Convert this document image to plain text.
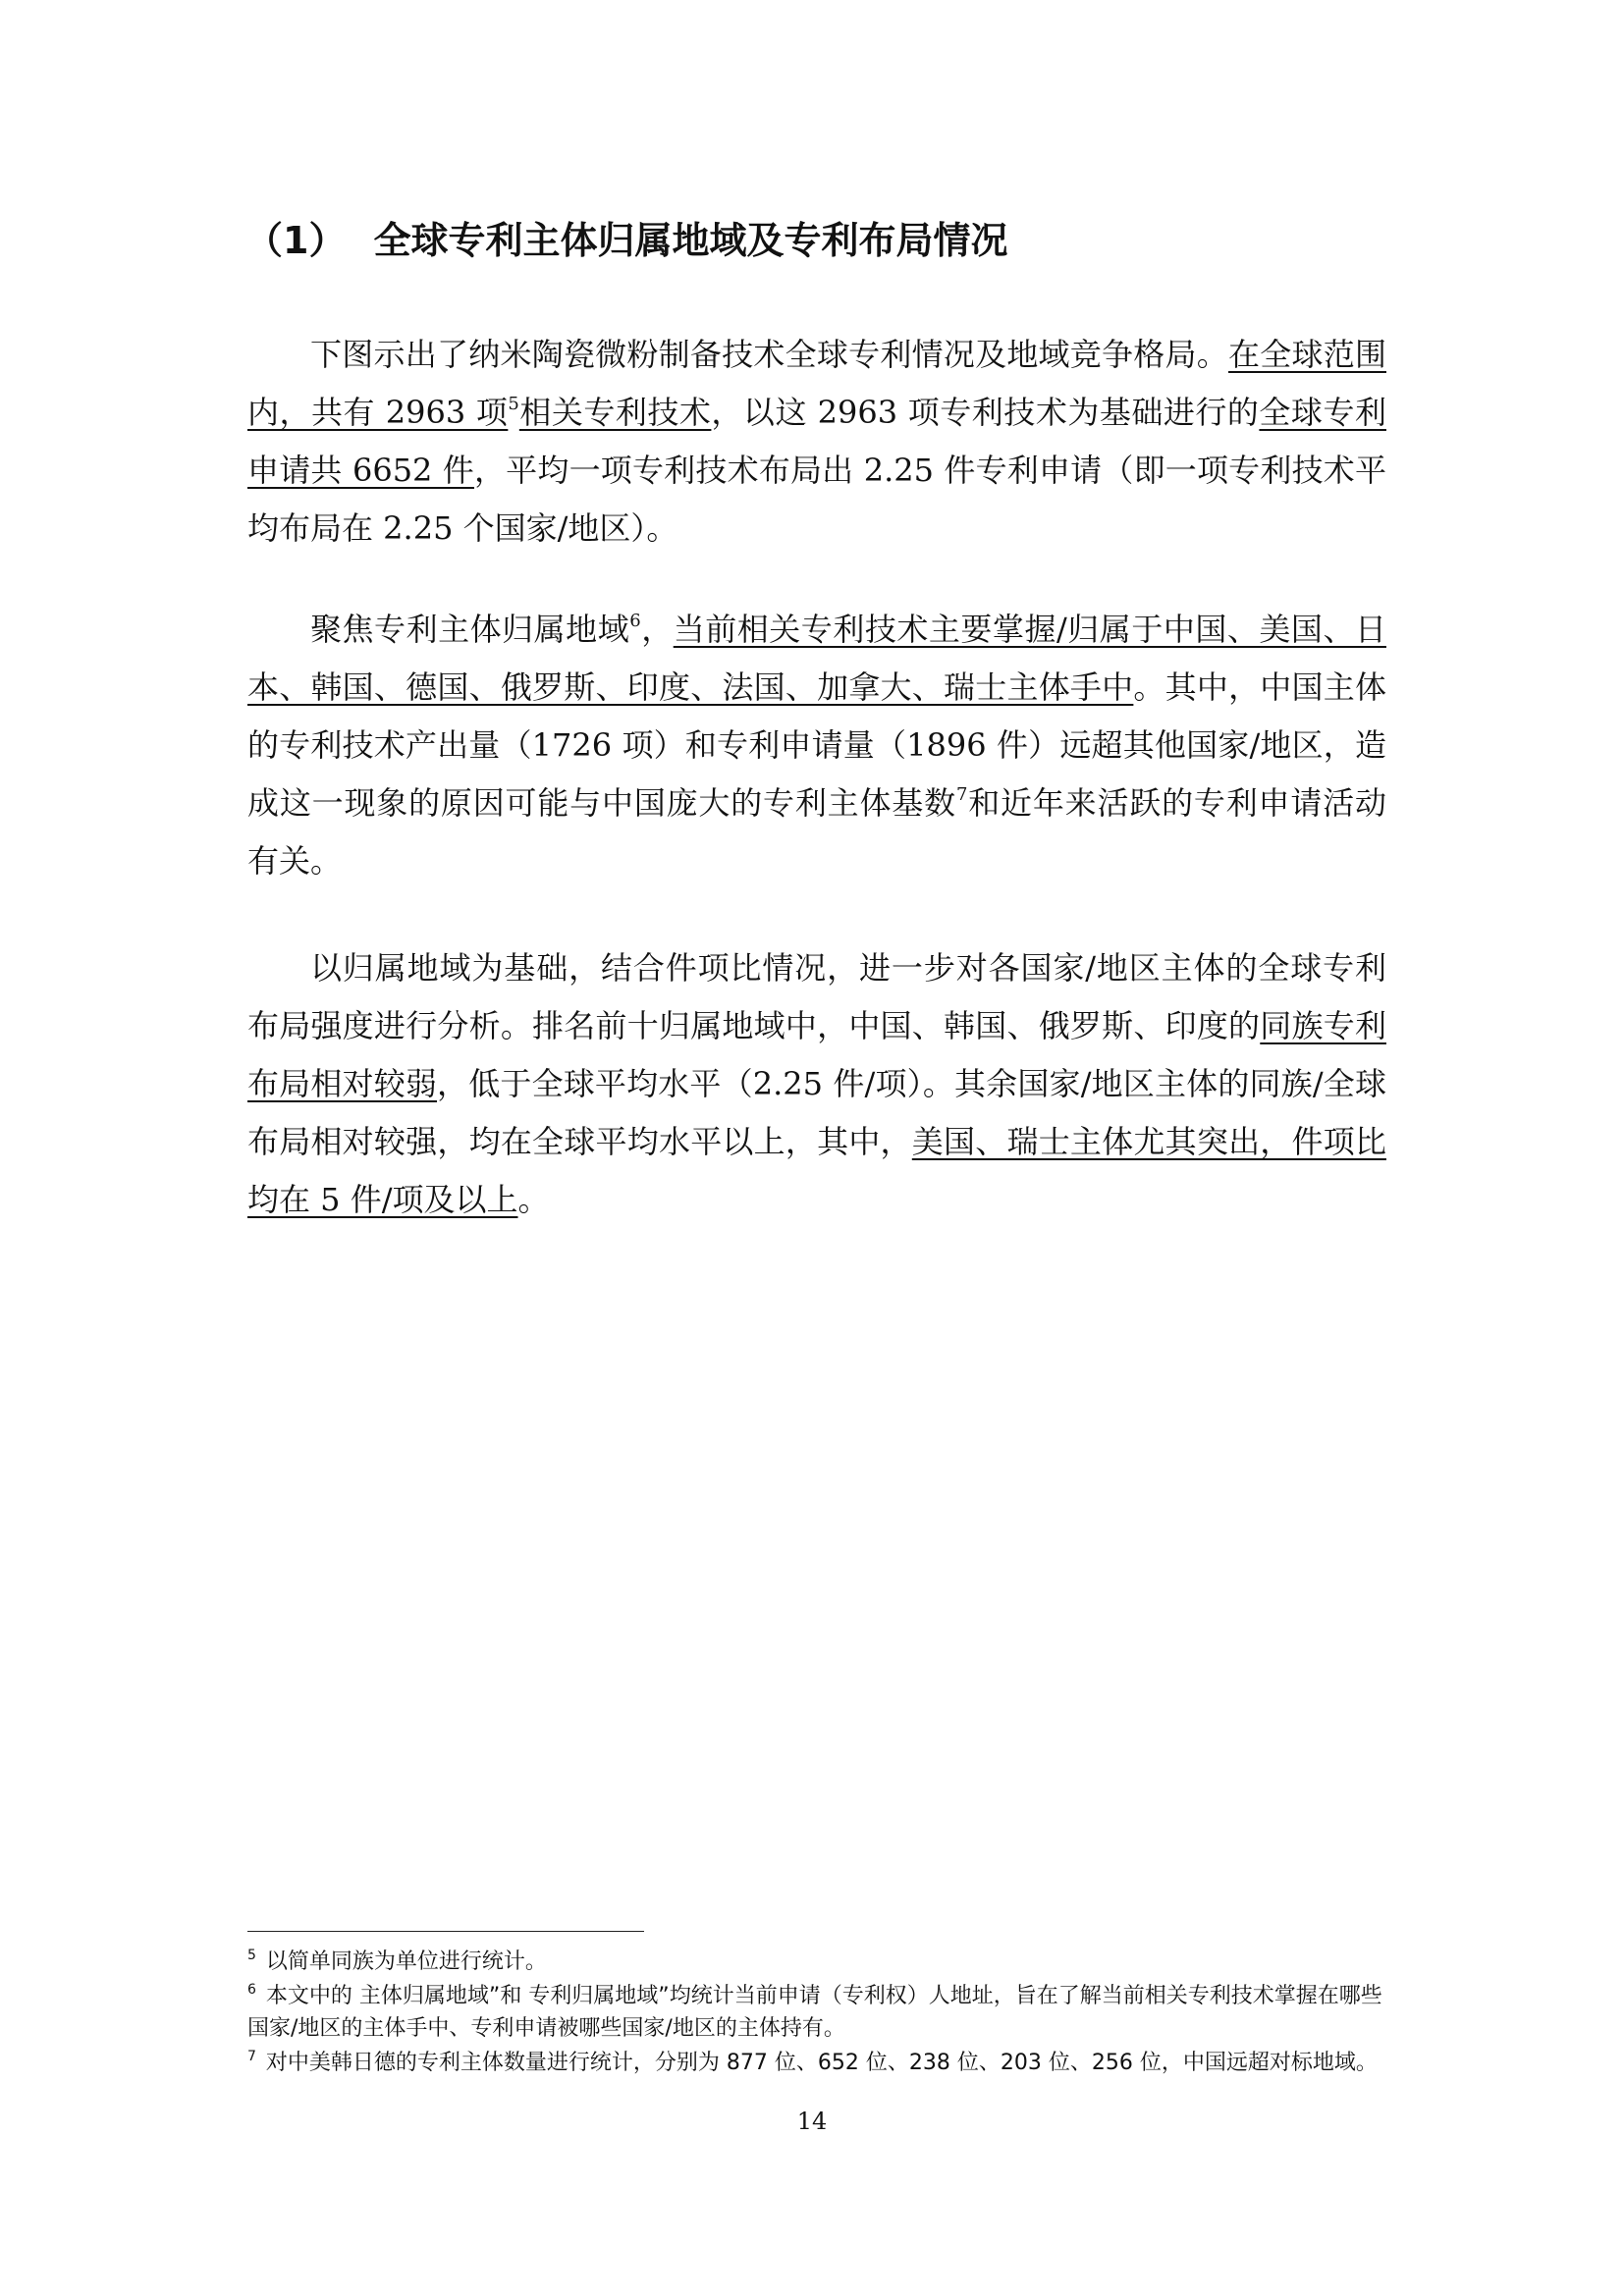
（1） 全球专利主体归属地域及专利布局情况

下图示出了纳米陶瓷微粉制备技术全球专利情况及地域竞争格局。在全球范围内，共有 2963 项$^5$相关专利技术，以这 2963 项专利技术为基础进行的全球专利申请共 6652 件，平均一项专利技术布局出 2.25 件专利申请（即一项专利技术平均布局在 2.25 个国家/地区）。

聚焦专利主体归属地域$^6$，当前相关专利技术主要掌握/归属于中国、美国、日本、韩国、德国、俄罗斯、印度、法国、加拿大、瑞士主体手中。其中，中国主体的专利技术产出量（1726 项）和专利申请量（1896 件）远超其他国家/地区，造成这一现象的原因可能与中国庞大的专利主体基数$^7$和近年来活跃的专利申请活动有关。

以归属地域为基础，结合件项比情况，进一步对各国家/地区主体的全球专利布局强度进行分析。排名前十归属地域中，中国、韩国、俄罗斯、印度的同族专利布局相对较弱，低于全球平均水平（2.25 件/项）。其余国家/地区主体的同族/全球布局相对较强，均在全球平均水平以上，其中，美国、瑞士主体尤其突出，件项比均在 5 件/项及以上。

$^5$ 以简单同族为单位进行统计。

$^6$ 本文中的 主体归属地域”和 专利归属地域”均统计当前申请（专利权）人地址，旨在了解当前相关专利技术掌握在哪些国家/地区的主体手中、专利申请被哪些国家/地区的主体持有。

$^7$ 对中美韩日德的专利主体数量进行统计，分别为 877 位、652 位、238 位、203 位、256 位，中国远超对标地域。

14
